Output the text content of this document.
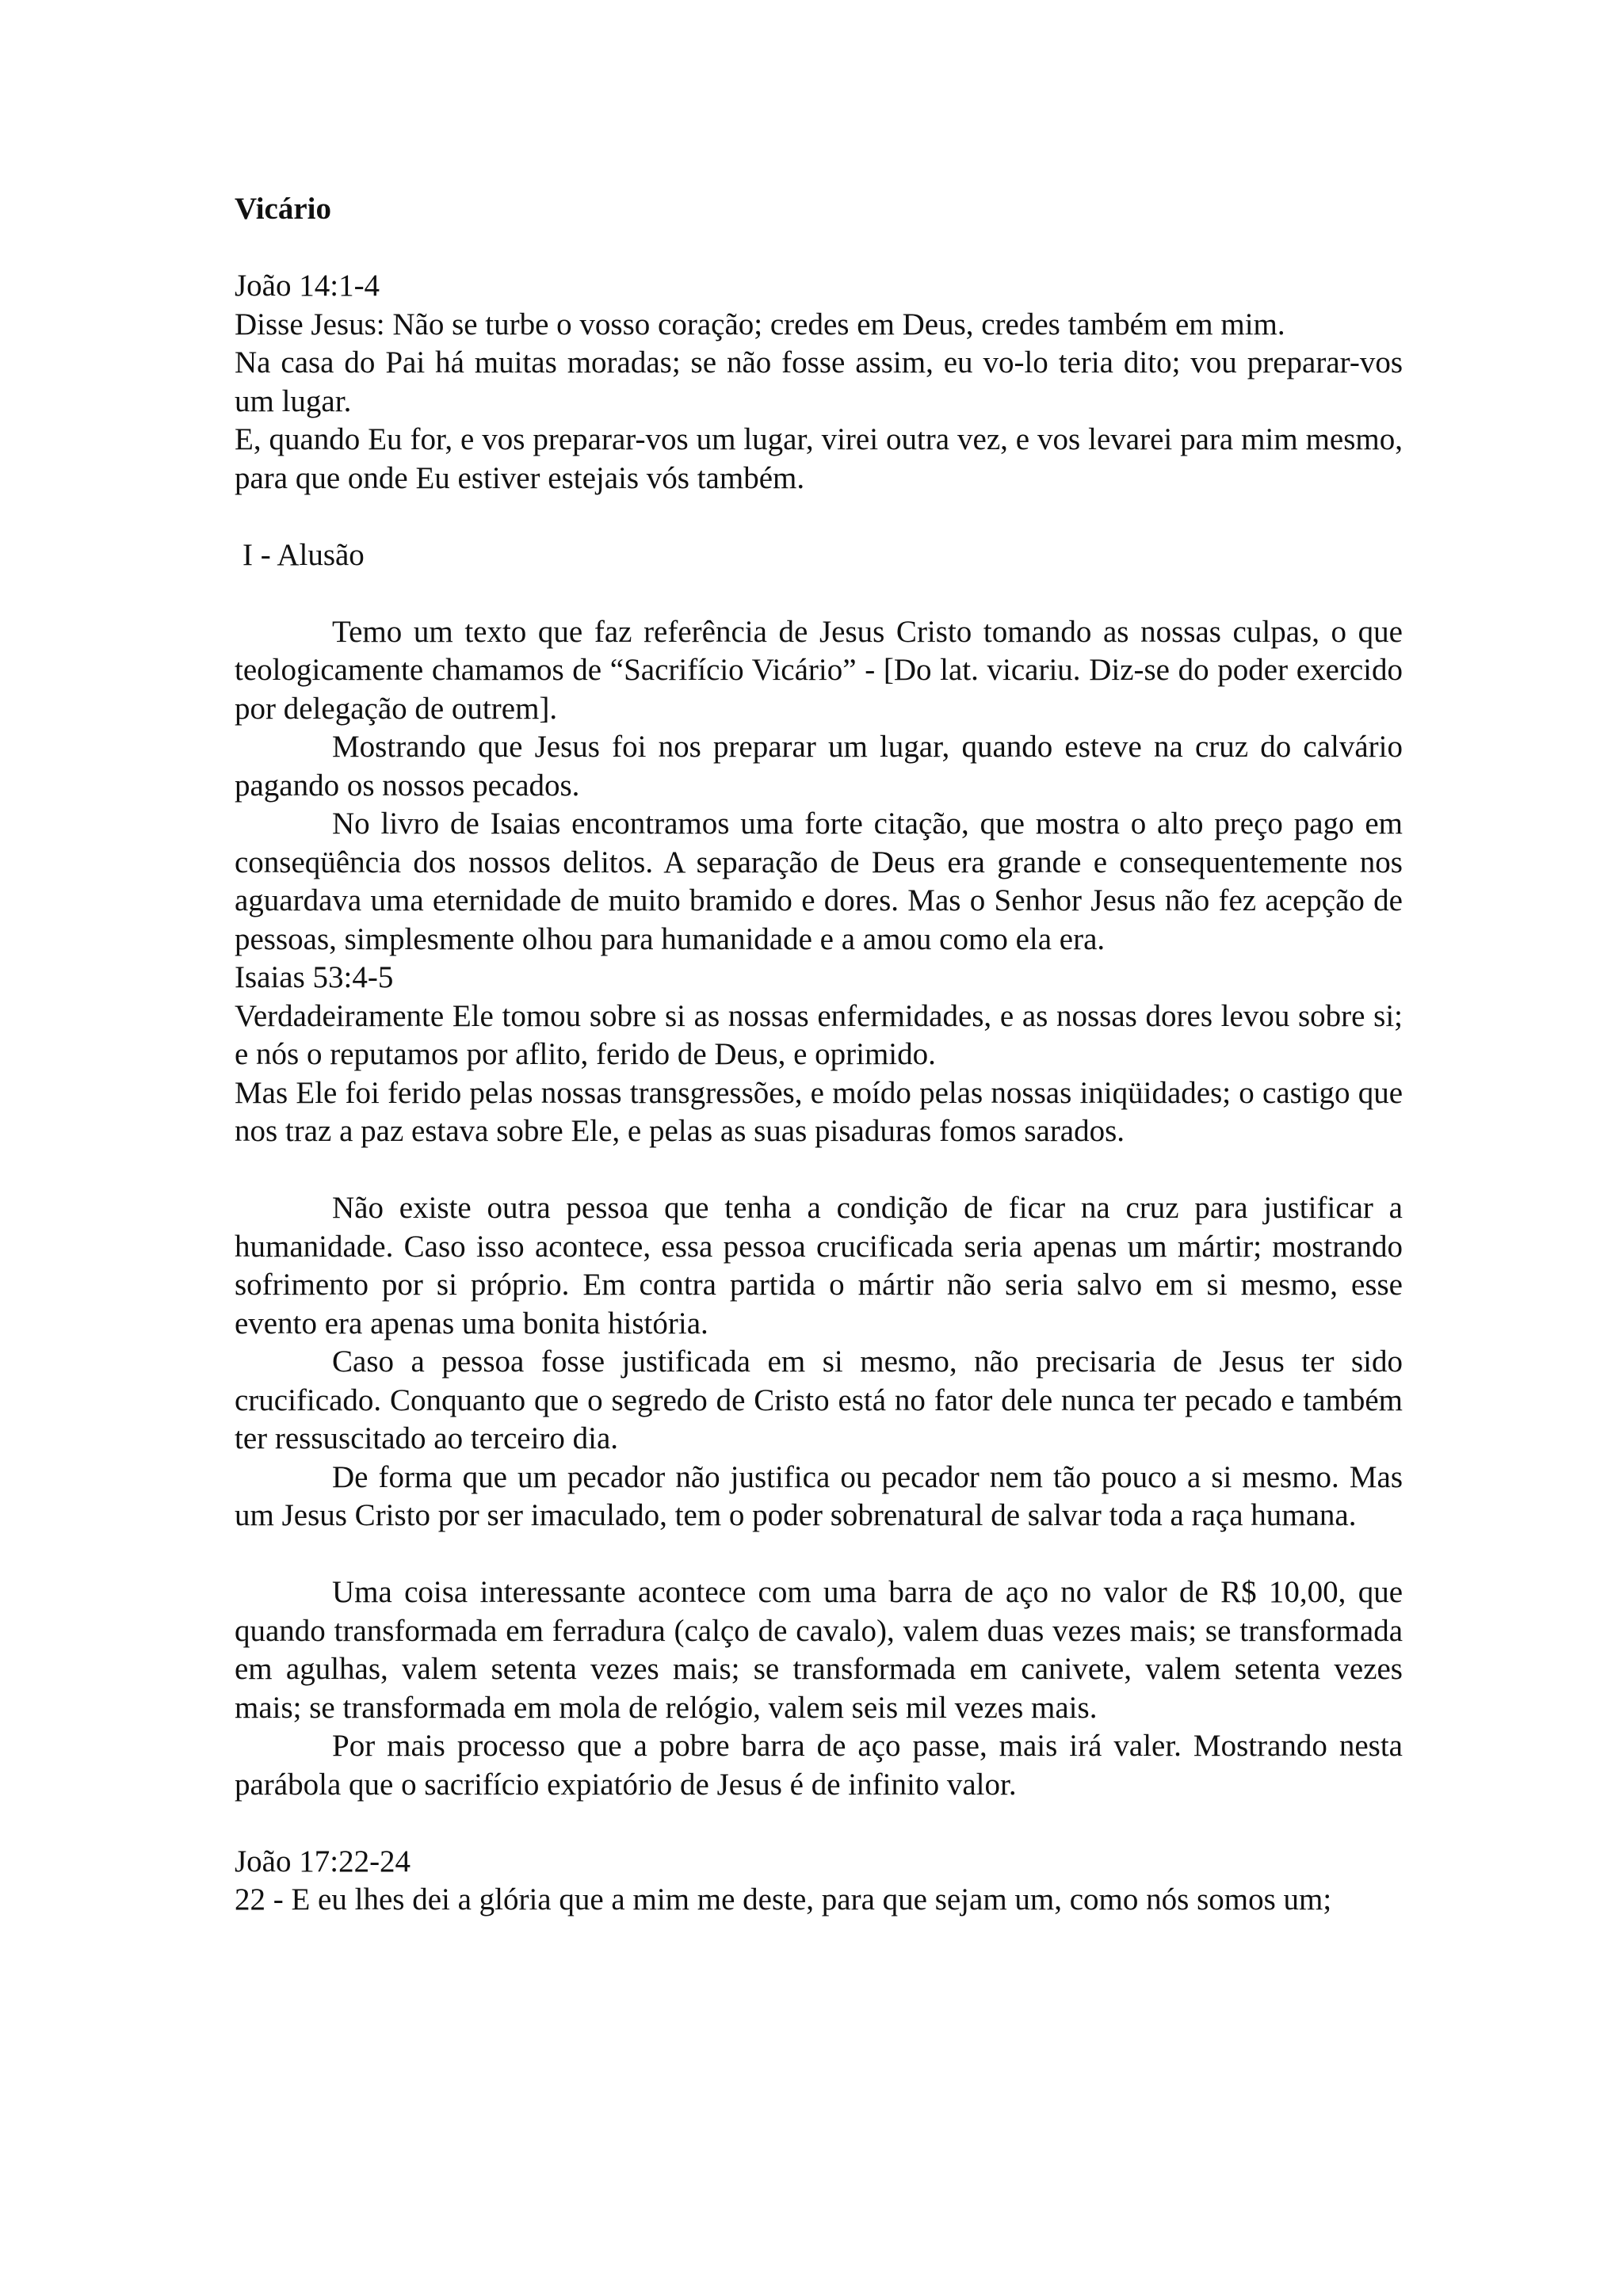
Vicário

João 14:1-4

Disse Jesus: Não se turbe o vosso coração; credes em Deus, credes também em mim.

Na casa do Pai há muitas moradas; se não fosse assim, eu vo-lo teria dito; vou preparar-vos um lugar.

E, quando Eu for, e vos preparar-vos um lugar, virei outra vez, e vos levarei para mim mesmo, para que onde Eu estiver estejais vós também.

I - Alusão

Temo um texto que faz referência de Jesus Cristo tomando as nossas culpas, o que teologicamente chamamos de “Sacrifício Vicário” - [Do lat. vicariu. Diz-se do poder exercido por delegação de outrem].

Mostrando que Jesus foi nos preparar um lugar, quando esteve na cruz do calvário pagando os nossos pecados.

No livro de Isaias encontramos uma forte citação, que mostra o alto preço pago em conseqüência dos nossos delitos. A separação de Deus era grande e consequentemente nos aguardava uma eternidade de muito bramido e dores. Mas o Senhor Jesus não fez acepção de pessoas, simplesmente olhou para humanidade e a amou como ela era.

Isaias 53:4-5

Verdadeiramente Ele tomou sobre si as nossas enfermidades, e as nossas dores levou sobre si; e nós o reputamos por aflito, ferido de Deus, e oprimido.

Mas Ele foi ferido pelas nossas transgressões, e moído pelas nossas iniqüidades; o castigo que nos traz a paz estava sobre Ele, e pelas as suas pisaduras fomos sarados.

Não existe outra pessoa que tenha a condição de ficar na cruz para justificar a humanidade. Caso isso acontece, essa pessoa crucificada seria apenas um mártir; mostrando sofrimento por si próprio. Em contra partida o mártir não seria salvo em si mesmo, esse evento era apenas uma bonita história.

Caso a pessoa fosse justificada em si mesmo, não precisaria de Jesus ter sido crucificado. Conquanto que o segredo de Cristo está no fator dele nunca ter pecado e também ter ressuscitado ao terceiro dia.

De forma que um pecador não justifica ou pecador nem tão pouco a si mesmo. Mas um Jesus Cristo por ser imaculado, tem o poder sobrenatural de salvar toda a raça humana.

Uma coisa interessante acontece com uma barra de aço no valor de R$ 10,00, que quando transformada em ferradura (calço de cavalo), valem duas vezes mais; se transformada em agulhas, valem setenta vezes mais; se transformada em canivete, valem setenta vezes mais; se transformada em mola de relógio, valem seis mil vezes mais.

Por mais processo que a pobre barra de aço passe, mais irá valer. Mostrando nesta parábola que o sacrifício expiatório de Jesus é de infinito valor.

João 17:22-24

22 - E eu lhes dei a glória que a mim me deste, para que sejam um, como nós somos um;
